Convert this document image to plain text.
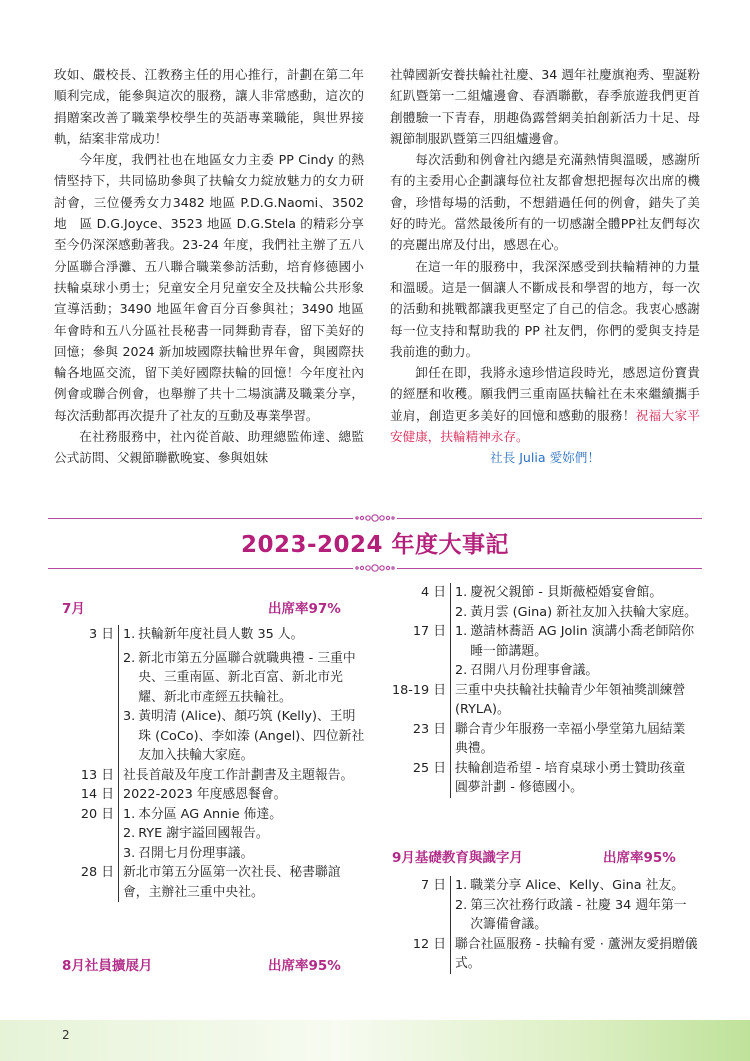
玫如、嚴校長、江教務主任的用心推行，計劃在第二年順利完成，能參與這次的服務，讓人非常感動，這次的捐贈案改善了職業學校學生的英語專業職能，與世界接軌，結案非常成功！

今年度，我們社也在地區女力主委 PP Cindy 的熱情堅持下，共同協助參與了扶輪女力綻放魅力的女力研討會，三位優秀女力3482 地區 P.D.G.Naomi、3502 地　區 D.G.Joyce、3523 地區 D.G.Stela 的精彩分享至今仍深深感動著我。23-24 年度，我們社主辦了五八分區聯合淨灘、五八聯合職業參訪活動，培育修德國小扶輪桌球小勇士；兒童安全月兒童安全及扶輪公共形象宣導活動；3490 地區年會百分百參與社；3490 地區年會時和五八分區社長秘書一同舞動青春，留下美好的回憶；參與 2024 新加坡國際扶輪世界年會，與國際扶輪各地區交流，留下美好國際扶輪的回憶！今年度社內例會或聯合例會，也舉辦了共十二場演講及職業分享，每次活動都再次提升了社友的互動及專業學習。

在社務服務中，社內從首敲、助理總監佈達、總監公式訪問、父親節聯歡晚宴、參與姐妹

社韓國新安養扶輪社社慶、34 週年社慶旗袍秀、聖誕粉紅趴暨第一二組爐邊會、春酒聯歡，春季旅遊我們更首創體驗一下青春，朋趣偽露營網美拍創新活力十足、母親節制服趴暨第三四組爐邊會。

每次活動和例會社內總是充滿熱情與溫暖，感謝所有的主委用心企劃讓每位社友都會想把握每次出席的機會，珍惜每場的活動，不想錯過任何的例會，錯失了美好的時光。當然最後所有的一切感謝全體PP社友們每次的亮麗出席及付出，感恩在心。

在這一年的服務中，我深深感受到扶輪精神的力量和溫暖。這是一個讓人不斷成長和學習的地方，每一次的活動和挑戰都讓我更堅定了自己的信念。我衷心感謝每一位支持和幫助我的 PP 社友們，你們的愛與支持是我前進的動力。

卸任在即，我將永遠珍惜這段時光，感恩這份寶貴的經歷和收穫。願我們三重南區扶輪社在未來繼續攜手並肩，創造更多美好的回憶和感動的服務！祝福大家平安健康，扶輪精神永存。

社長 Julia 愛妳們！

2023-2024 年度大事記
7月	出席率97%
3 日 1. 扶輪新年度社員人數 35 人。
2. 新北市第五分區聯合就職典禮 - 三重中央、三重南區、新北百富、新北市光耀、新北市產經五扶輪社。
3. 黃明清 (Alice)、顏巧筑 (Kelly)、王明珠 (CoCo)、李如溱 (Angel)、四位新社友加入扶輪大家庭。
13 日 社長首敲及年度工作計劃書及主題報告。
14 日 2022-2023 年度感恩餐會。
20 日 1. 本分區 AG Annie 佈達。
2. RYE 謝宇謚回國報告。
3. 召開七月份理事議。
28 日 新北市第五分區第一次社長、秘書聯誼會，主辦社三重中央社。
8月社員擴展月	出席率95%
4 日 1. 慶祝父親節 - 貝斯薇椏婚宴會館。
2. 黃月雲 (Gina) 新社友加入扶輪大家庭。
17 日 1. 邀請林蕎語 AG Jolin 演講小喬老師陪你睡一節講題。
2. 召開八月份理事會議。
18-19 日 三重中央扶輪社扶輪青少年領袖獎訓練營 (RYLA)。
23 日 聯合青少年服務一幸福小學堂第九屆結業典禮。
25 日 扶輪創造希望 - 培育桌球小勇士贊助孩童圓夢計劃 - 修德國小。
9月基礎教育與識字月	出席率95%
7 日 1. 職業分享 Alice、Kelly、Gina 社友。
2. 第三次社務行政議 - 社慶 34 週年第一次籌備會議。
12 日 聯合社區服務 - 扶輪有愛 · 蘆洲友愛捐贈儀式。
2
